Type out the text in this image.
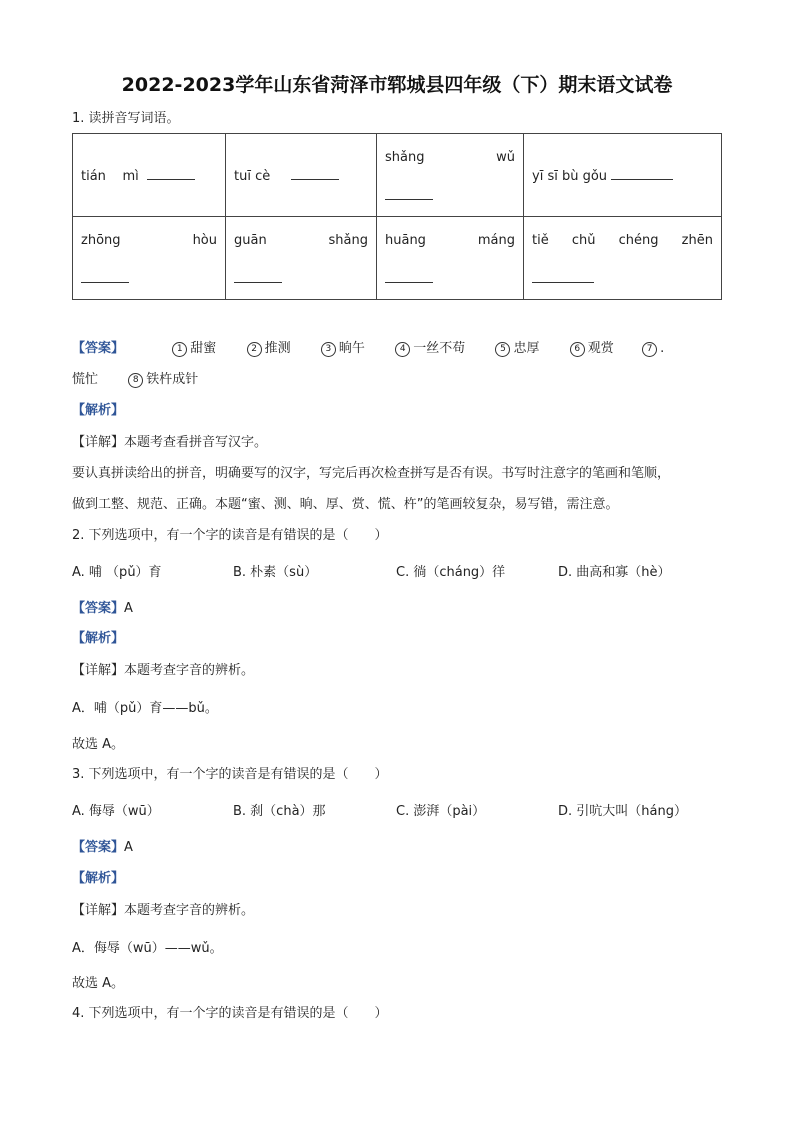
2022-2023学年山东省菏泽市郓城县四年级（下）期末语文试卷
1. 读拼音写词语。
tián mì	tuī cè	shǎng wǔ	yī sī bù gǒu

zhōng hòu	guān shǎng	huāng máng	tiě chǔ chéng zhēn
【答案】	1 甜蜜	2 推测	3 晌午	4 一丝不苟	5 忠厚	6 观赏	7 .
慌忙	8 铁杵成针
【解析】
【详解】本题考查看拼音写汉字。
要认真拼读给出的拼音，明确要写的汉字，写完后再次检查拼写是否有误。书写时注意字的笔画和笔顺，
做到工整、规范、正确。本题“蜜、测、晌、厚、赏、慌、杵”的笔画较复杂，易写错，需注意。
2. 下列选项中，有一个字的读音是有错误的是（　　）
A. 哺 （pǔ）育	B. 朴素（sù）	C. 徜（cháng）徉	D. 曲高和寡（hè）
【答案】A
【解析】
【详解】本题考查字音的辨析。
A．哺（pǔ）育——bǔ。
故选 A。
3. 下列选项中，有一个字的读音是有错误的是（　　）
A. 侮辱（wū）	B. 刹（chà）那	C. 澎湃（pài）	D. 引吭大叫（háng）
【答案】A
【解析】
【详解】本题考查字音的辨析。
A．侮辱（wū）——wǔ。
故选 A。
4. 下列选项中，有一个字的读音是有错误的是（　　）
